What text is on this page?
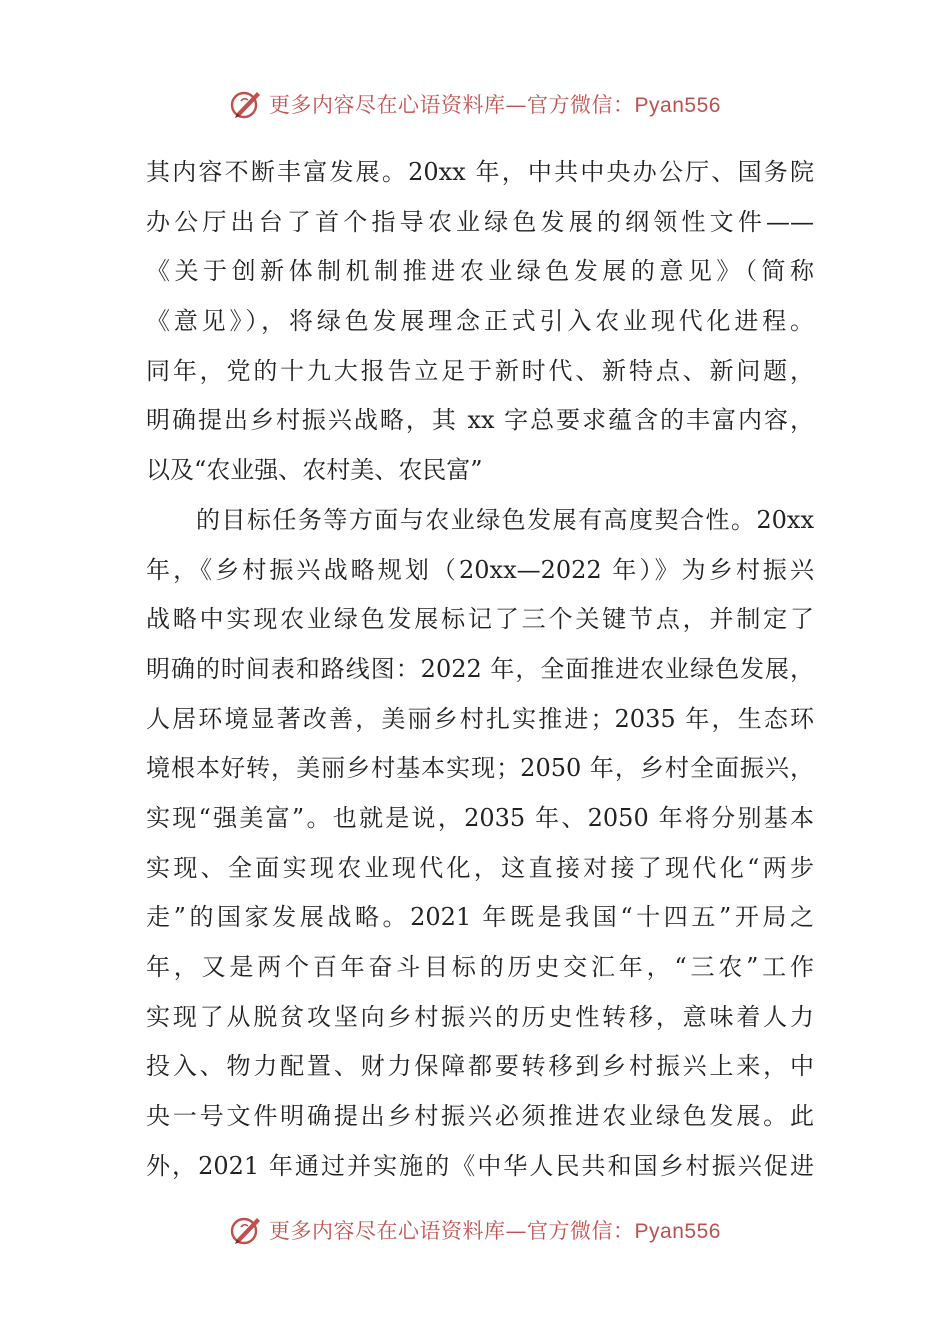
更多内容尽在心语资料库—官方微信：Pyan556
其内容不断丰富发展。20xx 年，中共中央办公厅、国务院
办公厅出台了首个指导农业绿色发展的纲领性文件——
《关于创新体制机制推进农业绿色发展的意见》（简称
《意见》），将绿色发展理念正式引入农业现代化进程。
同年，党的十九大报告立足于新时代、新特点、新问题，
明确提出乡村振兴战略，其 xx 字总要求蕴含的丰富内容，
以及“农业强、农村美、农民富”
的目标任务等方面与农业绿色发展有高度契合性。20xx
年，《乡村振兴战略规划（20xx—2022 年）》为乡村振兴
战略中实现农业绿色发展标记了三个关键节点，并制定了
明确的时间表和路线图：2022 年，全面推进农业绿色发展，
人居环境显著改善，美丽乡村扎实推进；2035 年，生态环
境根本好转，美丽乡村基本实现；2050 年，乡村全面振兴，
实现“强美富”。也就是说，2035 年、2050 年将分别基本
实现、全面实现农业现代化，这直接对接了现代化“两步
走”的国家发展战略。2021 年既是我国“十四五”开局之
年，又是两个百年奋斗目标的历史交汇年，“三农”工作
实现了从脱贫攻坚向乡村振兴的历史性转移，意味着人力
投入、物力配置、财力保障都要转移到乡村振兴上来，中
央一号文件明确提出乡村振兴必须推进农业绿色发展。此
外，2021 年通过并实施的《中华人民共和国乡村振兴促进
更多内容尽在心语资料库—官方微信：Pyan556
